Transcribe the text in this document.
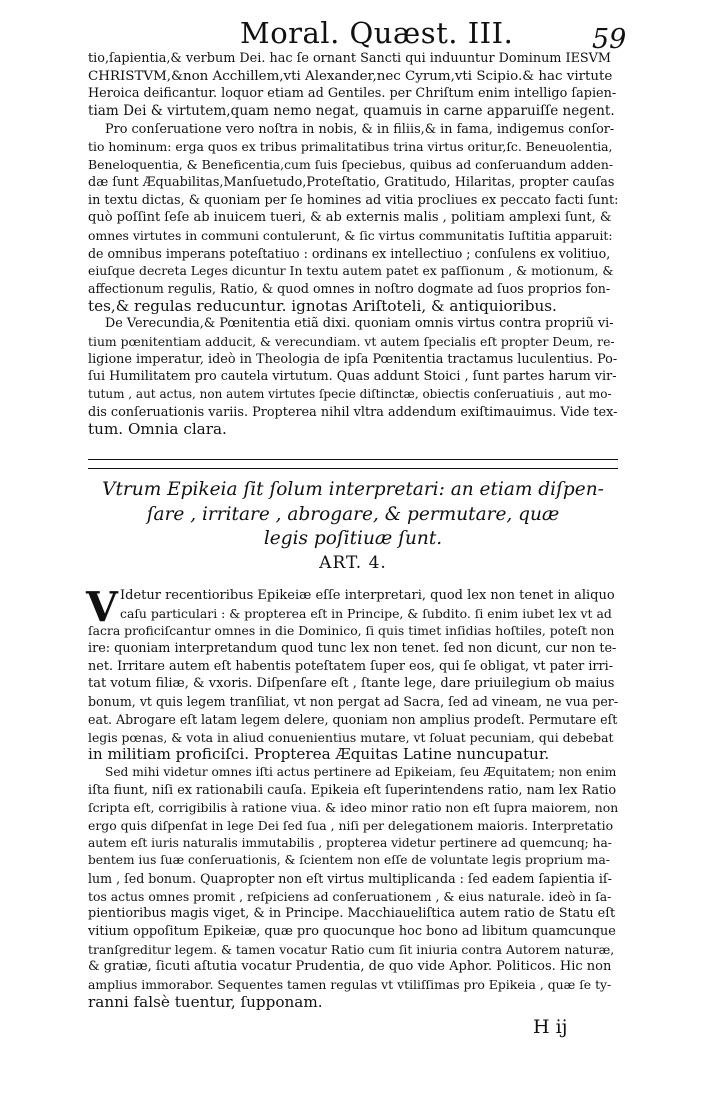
Moral. Quæst. III.	59
tio,ſapientia,& verbum Dei. hac ſe ornant Sancti qui induuntur Dominum IESVM
CHRISTVM,&non Acchillem,vti Alexander,nec Cyrum,vti Scipio.& hac virtute
Heroica deificantur. loquor etiam ad Gentiles. per Chriſtum enim intelligo ſapien-
tiam Dei & virtutem,quam nemo negat, quamuis in carne apparuiſſe negent.
Pro conſeruatione vero noſtra in nobis, & in filiis,& in fama, indigemus conſor-
tio hominum: erga quos ex tribus primalitatibus trina virtus oritur,ſc. Beneuolentia,
Beneloquentia, & Beneficentia,cum ſuis ſpeciebus, quibus ad conſeruandum adden-
dæ ſunt Æquabilitas,Manſuetudo,Proteſtatio, Gratitudo, Hilaritas, propter cauſas
in textu dictas, & quoniam per ſe homines ad vitia procliues ex peccato facti ſunt:
quò poſſint ſeſe ab inuicem tueri, & ab externis malis , politiam amplexi ſunt, &
omnes virtutes in communi contulerunt, & ſic virtus communitatis Iuſtitia apparuit:
de omnibus imperans poteſtatiuo : ordinans ex intellectiuo ; conſulens ex volitiuo,
eiuſque decreta Leges dicuntur In textu autem patet ex paſſionum , & motionum, &
affectionum regulis, Ratio, & quod omnes in noſtro dogmate ad ſuos proprios fon-
tes,& regulas reducuntur. ignotas Ariſtoteli, & antiquioribus.
De Verecundia,& Pœnitentia etiã dixi. quoniam omnis virtus contra propriũ vi-
tium pœnitentiam adducit, & verecundiam. vt autem ſpecialis eſt propter Deum, re-
ligione imperatur, ideò in Theologia de ipſa Pœnitentia tractamus luculentius. Po-
ſui Humilitatem pro cautela virtutum. Quas addunt Stoici , ſunt partes harum vir-
tutum , aut actus, non autem virtutes ſpecie diſtinctæ, obiectis conſeruatiuis , aut mo-
dis conſeruationis variis. Propterea nihil vltra addendum exiſtimauimus. Vide tex-
tum. Omnia clara.
Vtrum Epikeia ſit ſolum interpretari: an etiam diſpen-
ſare , irritare , abrogare, & permutare, quæ
legis poſitiuæ ſunt.
ART. 4.
V Idetur recentioribus Epikeiæ eſſe interpretari, quod lex non tenet in aliquo
caſu particulari : & propterea eſt in Principe, & ſubdito. ſi enim iubet lex vt ad
ſacra proficiſcantur omnes in die Dominico, ſi quis timet inſidias hoſtiles, poteſt non
ire: quoniam interpretandum quod tunc lex non tenet. ſed non dicunt, cur non te-
net. Irritare autem eſt habentis poteſtatem ſuper eos, qui ſe obligat, vt pater irri-
tat votum filiæ, & vxoris. Diſpenſare eſt , ſtante lege, dare priuilegium ob maius
bonum, vt quis legem tranſiliat, vt non pergat ad Sacra, ſed ad vineam, ne vua per-
eat. Abrogare eſt latam legem delere, quoniam non amplius prodeſt. Permutare eſt
legis pœnas, & vota in aliud conuenientius mutare, vt ſoluat pecuniam, qui debebat
in militiam proficiſci. Propterea Æquitas Latine nuncupatur.
Sed mihi videtur omnes iſti actus pertinere ad Epikeiam, ſeu Æquitatem; non enim
iſta fiunt, niſi ex rationabili cauſa. Epikeia eſt ſuperintendens ratio, nam lex Ratio
ſcripta eſt, corrigibilis à ratione viua. & ideo minor ratio non eſt ſupra maiorem, non
ergo quis diſpenſat in lege Dei ſed ſua , niſi per delegationem maioris. Interpretatio
autem eſt iuris naturalis immutabilis , propterea videtur pertinere ad quemcunq; ha-
bentem ius ſuæ conſeruationis, & ſcientem non eſſe de voluntate legis proprium ma-
lum , ſed bonum. Quapropter non eſt virtus multiplicanda : ſed eadem ſapientia iſ-
tos actus omnes promit , reſpiciens ad conſeruationem , & eius naturale. ideò in ſa-
pientioribus magis viget, & in Principe. Macchiaueliſtica autem ratio de Statu eſt
vitium oppoſitum Epikeiæ, quæ pro quocunque hoc bono ad libitum quamcunque
tranſgreditur legem. & tamen vocatur Ratio cum ſit iniuria contra Autorem naturæ,
& gratiæ, ſicuti aſtutia vocatur Prudentia, de quo vide Aphor. Politicos. Hic non
amplius immorabor. Sequentes tamen regulas vt vtiliſſimas pro Epikeia , quæ ſe ty-
ranni falsè tuentur, ſupponam.
H ij
